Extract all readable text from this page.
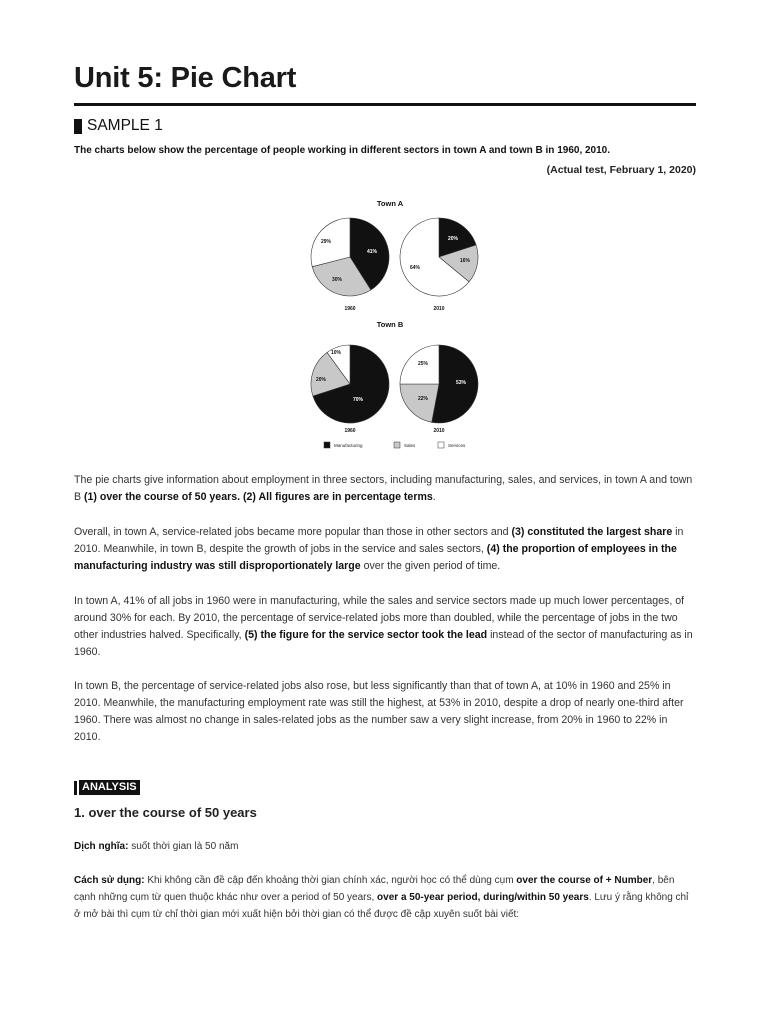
Unit 5: Pie Chart
SAMPLE 1
The charts below show the percentage of people working in different sectors in town A and town B in 1960, 2010.
(Actual test, February 1, 2020)
Town A
Town B
41%
30%
29%
1960
20%
16%
64%
2010
70%
20%
10%
1960
53%
22%
25%
2010
Manufacturing	Sales	Services
The pie charts give information about employment in three sectors, including manufacturing, sales, and services, in town A and town B (1) over the course of 50 years. (2) All figures are in percentage terms.
Overall, in town A, service-related jobs became more popular than those in other sectors and (3) constituted the largest share in 2010. Meanwhile, in town B, despite the growth of jobs in the service and sales sectors, (4) the proportion of employees in the manufacturing industry was still disproportionately large over the given period of time.
In town A, 41% of all jobs in 1960 were in manufacturing, while the sales and service sectors made up much lower percentages, of around 30% for each. By 2010, the percentage of service-related jobs more than doubled, while the percentage of jobs in the two other industries halved. Specifically, (5) the figure for the service sector took the lead instead of the sector of manufacturing as in 1960.
In town B, the percentage of service-related jobs also rose, but less significantly than that of town A, at 10% in 1960 and 25% in 2010. Meanwhile, the manufacturing employment rate was still the highest, at 53% in 2010, despite a drop of nearly one-third after 1960. There was almost no change in sales-related jobs as the number saw a very slight increase, from 20% in 1960 to 22% in 2010.
ANALYSIS
1. over the course of 50 years
Dịch nghĩa: suốt thời gian là 50 năm
Cách sử dụng: Khi không cần đề cập đến khoảng thời gian chính xác, người học có thể dùng cụm over the course of + Number, bên cạnh những cụm từ quen thuộc khác như over a period of 50 years, over a 50-year period, during/within 50 years. Lưu ý rằng không chỉ ở mở bài thì cụm từ chỉ thời gian mới xuất hiện bởi thời gian có thể được đề cập xuyên suốt bài viết:
